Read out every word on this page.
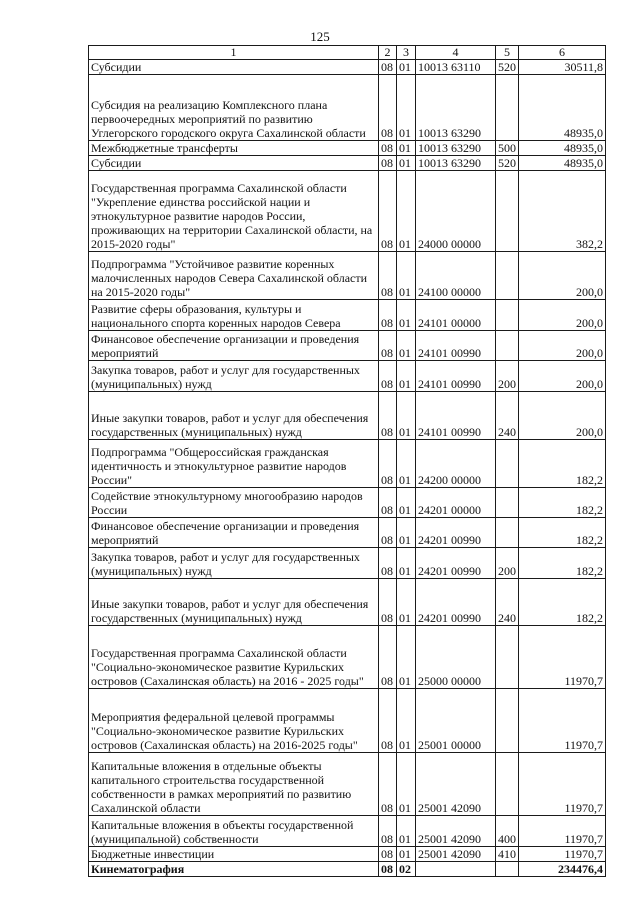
125
1	2	3	4	5	6
Субсидии	08	01	10013 63110	520	30511,8
Субсидия на реализацию Комплексного плана первоочередных мероприятий по развитию Углегорского городского округа Сахалинской области	08	01	10013 63290		48935,0
Межбюджетные трансферты	08	01	10013 63290	500	48935,0
Субсидии	08	01	10013 63290	520	48935,0
Государственная программа Сахалинской области "Укрепление единства российской нации и этнокультурное развитие народов России, проживающих на территории Сахалинской области, на 2015-2020 годы"	08	01	24000 00000		382,2
Подпрограмма "Устойчивое развитие коренных малочисленных народов Севера Сахалинской области на 2015-2020 годы"	08	01	24100 00000		200,0
Развитие сферы образования, культуры и национального спорта коренных народов Севера	08	01	24101 00000		200,0
Финансовое обеспечение организации и проведения мероприятий	08	01	24101 00990		200,0
Закупка товаров, работ и услуг для государственных (муниципальных) нужд	08	01	24101 00990	200	200,0
Иные закупки товаров, работ и услуг для обеспечения государственных (муниципальных) нужд	08	01	24101 00990	240	200,0
Подпрограмма "Общероссийская гражданская идентичность и этнокультурное развитие народов России"	08	01	24200 00000		182,2
Содействие этнокультурному многообразию народов России	08	01	24201 00000		182,2
Финансовое обеспечение организации и проведения мероприятий	08	01	24201 00990		182,2
Закупка товаров, работ и услуг для государственных (муниципальных) нужд	08	01	24201 00990	200	182,2
Иные закупки товаров, работ и услуг для обеспечения государственных (муниципальных) нужд	08	01	24201 00990	240	182,2
Государственная программа Сахалинской области "Социально-экономическое развитие Курильских островов (Сахалинская область) на 2016 - 2025 годы"	08	01	25000 00000		11970,7
Мероприятия федеральной целевой программы "Социально-экономическое развитие Курильских островов (Сахалинская область) на 2016-2025 годы"	08	01	25001 00000		11970,7
Капитальные вложения в отдельные объекты капитального строительства государственной собственности в рамках мероприятий по развитию Сахалинской области	08	01	25001 42090		11970,7
Капитальные вложения в объекты государственной (муниципальной) собственности	08	01	25001 42090	400	11970,7
Бюджетные инвестиции	08	01	25001 42090	410	11970,7
Кинематография	08	02			234476,4
